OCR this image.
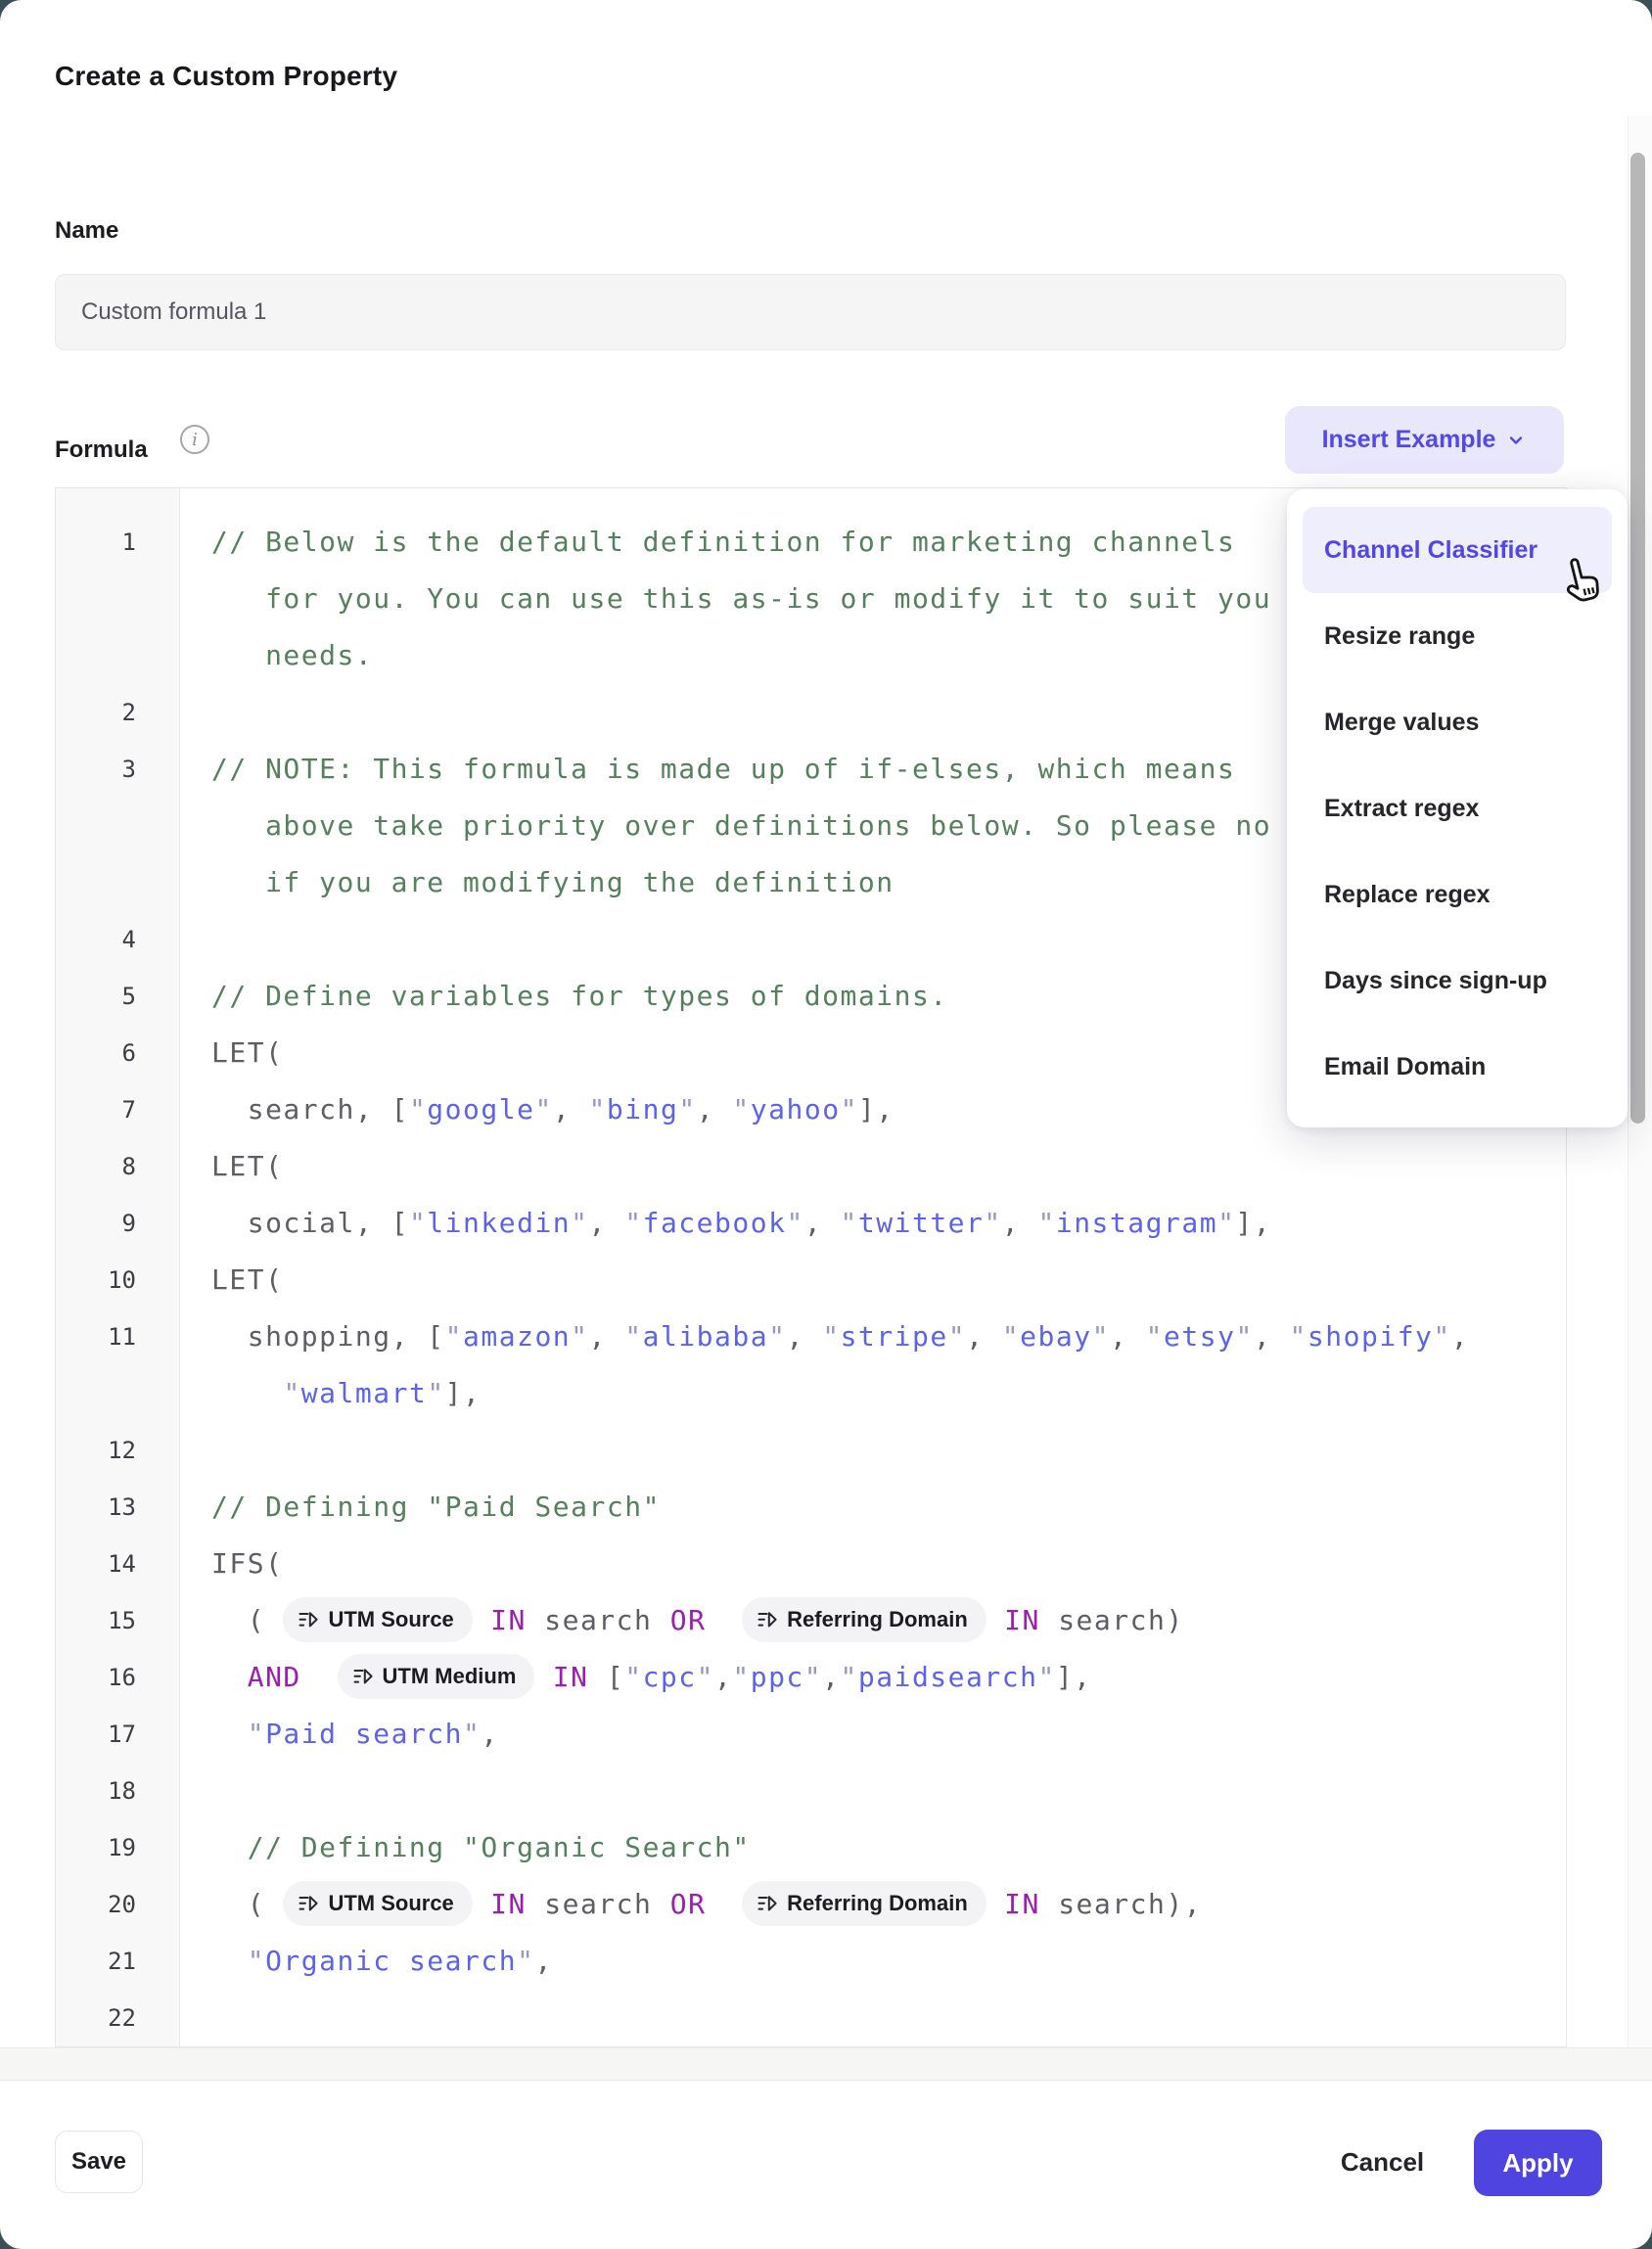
Create a Custom Property
Name
Custom formula 1
Formula	i	Insert Example
1	// Below is the default definition for marketing channels
for you. You can use this as-is or modify it to suit you
needs.
2
3	// NOTE: This formula is made up of if-elses, which means
above take priority over definitions below. So please no
if you are modifying the definition
4
5	// Define variables for types of domains.
6	LET(
7	search, ["google", "bing", "yahoo"],
8	LET(
9	social, ["linkedin", "facebook", "twitter", "instagram"],
10	LET(
11	shopping, ["amazon", "alibaba", "stripe", "ebay", "etsy", "shopify",
"walmart"],
12
13	// Defining "Paid Search"
14	IFS(
15	( UTM Source IN search OR	Referring Domain IN search)
16	AND	UTM Medium IN ["cpc","ppc","paidsearch"],
17	"Paid search",
18
19	// Defining "Organic Search"
20	( UTM Source IN search OR	Referring Domain IN search),
21	"Organic search",
22
Channel Classifier
Resize range
Merge values
Extract regex
Replace regex
Days since sign-up
Email Domain
Save	Cancel	Apply
